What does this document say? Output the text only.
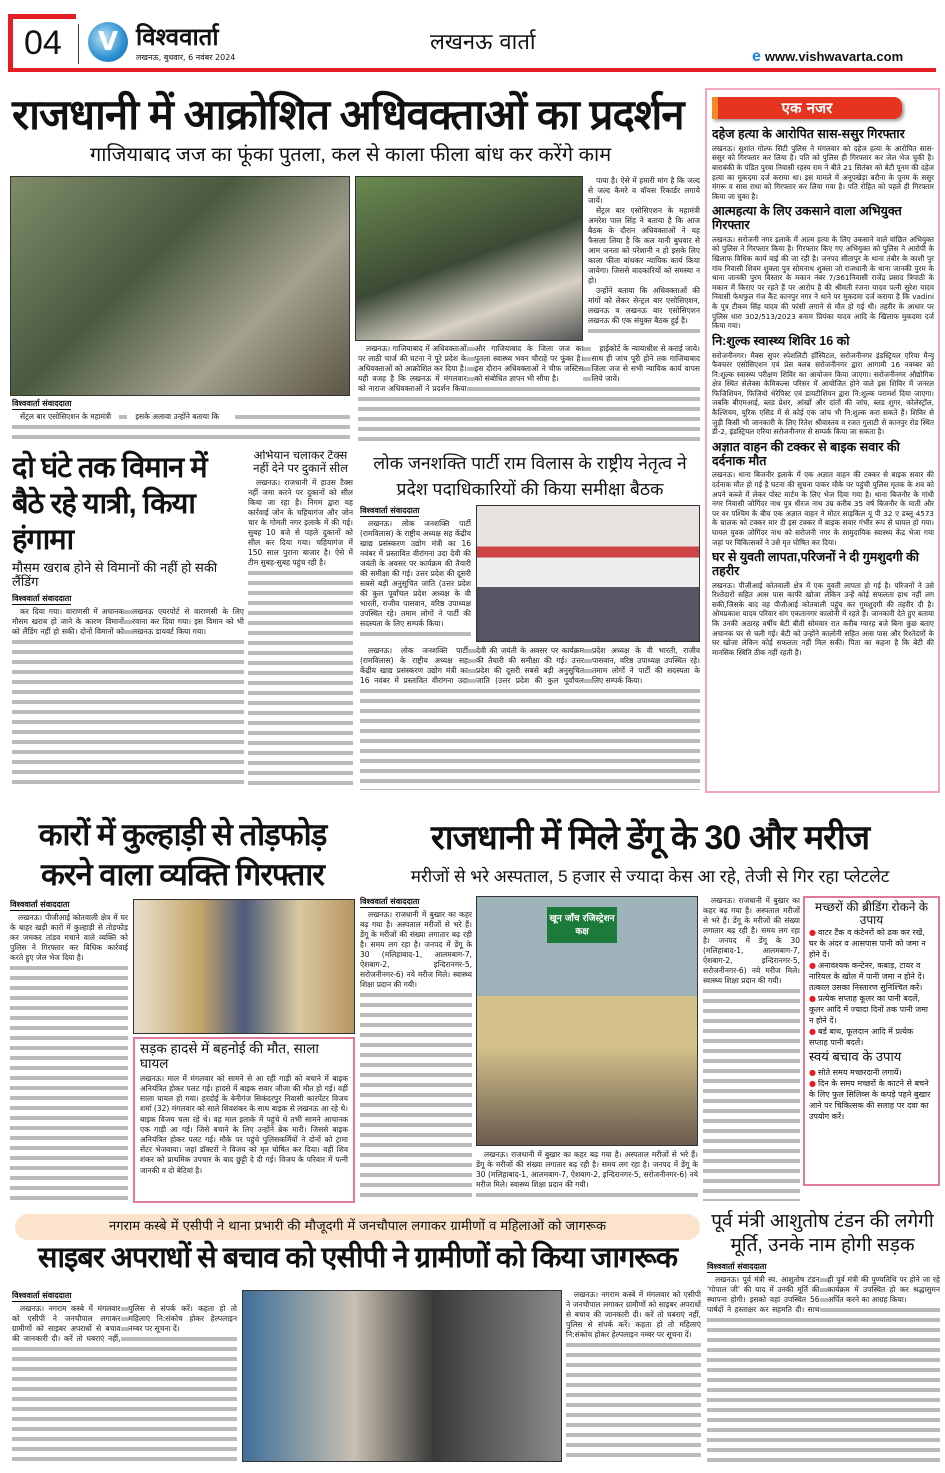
04	V विश्ववार्ता
लखनऊ, बुधवार, 6 नवंबर 2024
लखनऊ वार्ता
e www.vishwavarta.com
राजधानी में आक्रोशित अधिवक्ताओं का प्रदर्शन
गाजियाबाद जज का फूंका पुतला, कल से काला फीला बांध कर करेंगे काम
विश्ववार्ता संवाददाता

सेंट्रल बार एसोसिएशन के महामंत्री	इसके अलावा उन्होंने बताया कि

पाया है। ऐसे में हमारी मांग है कि जल्द से जल्द कैमरे व वॉयस रिकार्डर लगाये जायें।

सेंट्रल बार एसोसिएशन के महामंत्री अमरेश पाल सिंह ने बताया है कि आज बैठक के दौरान अधिवक्ताओं ने यह फैसला लिया है कि कल यानी बुधवार से आम जनता को परेशानी न हो इसके लिए काला फीता बांधकर न्यायिक कार्य किया जायेगा। जिससे वादकारियों को समस्या न हो।

उन्होंने बताया कि अधिवक्ताओं की मांगों को लेकर सेन्ट्रल बार एसोसिएशन, लखनऊ व लखनऊ बार एसोसिएशन लखनऊ की एक संयुक्त बैठक हुई है।

लखनऊ। गाजियाबाद में अधिवक्ताओं पर लाठी चार्ज की घटना ने पूरे प्रदेश के अधिवक्ताओं को आक्रोशित कर दिया है। यही वजह है कि लखनऊ में मंगलवार को नाराज अधिवक्ताओं ने प्रदर्शन किया और गाजियाबाद के जिला जज का पुतला स्वास्थ्य भवन चौराहे पर फूंका है। इस दौरान अधिवक्ताओं ने चीफ जस्टिस को संबोधित ज्ञापन भी सौंपा है।

हाईकोर्ट के न्यायाधीश से कराई जाये। साथ ही जांच पूरी होने तक गाजियाबाद जिला जज से सभी न्यायिक कार्य वापस लिये जायें।

एक नजर
दहेज हत्या के आरोपित सास-ससुर गिरफ्तार
लखनऊ। सुशांत गोल्फ सिटी पुलिस ने मंगलवार को दहेज हत्या के आरोपित सास- ससुर को गिरफ्तार कर लिया है। पति को पुलिस ही गिरफ्तार कर जेल भेज चुकी है। बाराबंकी के पंडित पुरवा निवासी रहस्य राम ने बीते 21 सितंबर को बेटी पूनम की दहेज हत्या का मुकदमा दर्ज कराया था। इस मामले में अनूपखेड़ा बरौना के पूनम के ससुर मंगरू व सास राधा को गिरफ्तार कर लिया गया है। पति रोहित को पहले ही गिरफ्तार किया जा चुका है।
आत्महत्या के लिए उकसाने वाला अभियुक्त गिरफ्तार
लखनऊ। सरोजनी नगर इलाके में आत्म हत्या के लिए उकसाने वाले वांछित अभियुक्त को पुलिस ने गिरफ्तार किया है। गिरफ्तार किए गए अभियुक्त को पुलिस ने आरोपी के खिलाफ विधिक कार्य वाई की जा रही है। जनपद सीतापुर के थाना तंबौर के काशी पुर गांव निवासी शिवम शुक्ला पुत्र सोमनाथ शुक्ला जो राजधानी के थाना जानकी पुरम के थाना जानकी पुरम विस्तार के मकान नंबर 7/361निवासी राजेंद्र प्रसाद त्रिपाठी के मकान में किराए पर रहते हैं पर आरोप है की श्रीमती रंजना यादव पत्नी सुरेश यादव निवासी फेथफुल गंज कैंट कानपुर नगर ने थाने पर मुकदमा दर्ज कराया है कि vadini के पुत्र टीकम सिंह यादव की फांसी लगाने से मौत हो गई थी। तहरीर के आधार पर पुलिस धारा 302/513/2023 बनाम प्रियंका यादव आदि के खिलाफ मुकदमा दर्ज किया गया।
नि:शुल्क स्वास्थ्य शिविर 16 को
सरोजनीनगर। मैक्स सुपर स्पेशलिटी हॉस्पिटल, सरोजनीनगर इंडस्ट्रियल एरिया मैन्यू फैक्चरर एसोसिएशन एवं प्रेस क्लब सरोजनीनगर द्वारा आगामी 16 नवम्बर को नि:शुल्क स्वास्थ्य परीक्षण शिविर का आयोजन किया जाएगा। सरोजनीनगर औद्योगिक क्षेत्र स्थित सेलेक्स केमिकल्स परिसर में आयोजित होने वाले इस शिविर में जनरल फिजिशियन, फिजियो थेरेपिस्ट एवं डायटीशियन द्वारा नि:शुल्क परामर्श दिया जाएगा। जबकि बीएमआई, ब्लड प्रेशर, आंखों और दांतों की जांच, ब्लड शुगर, कोलेस्ट्रॉल, कैल्शियम, यूरिक एसिड में से कोई एक जांच भी नि:शुल्क करा सकते हैं। शिविर से जुड़ी किसी भी जानकारी के लिए रितेश श्रीवास्तव व रजत गुलाटी से कानपुर रोड स्थित डी-2, इंडस्ट्रियल एरिया सरोजनीनगर से सम्पर्क किया जा सकता है।
अज्ञात वाहन की टक्कर से बाइक सवार की दर्दनाक मौत
लखनऊ। थाना बिजनौर इलाके में एक अज्ञात वाहन की टक्कर से बाइक सवार की दर्दनाक मौत हो गई है घटना की सूचना पाकर मौके पर पहुंची पुलिस मृतक के शव को अपने कब्जे में लेकर पोस्ट मार्टम के लिए भेज दिया गया है। थाना बिजनौर के गांधी नगर निवासी जोगिंदर नाथ पुत्र धीरज नाथ उम्र करीब 35 वर्ष बिजनौर के माती और पर वर पश्चिम के बीच एक अज्ञात वाहन ने मोटर साइकिल यू पी 32 ए डब्लू 4573 के चालक को टक्कर मार दी इस टक्कर में बाइक सवार गंभीर रूप से घायल हो गया। घायल युवक जोगिंदर नाथ को सरोजनी नगर के सामुदायिक स्वास्थ्य केंद्र भेजा गया जहां पर चिकित्सकों ने उसे मृत घोषित कर दिया।
घर से युवती लापता,परिजनों ने दी गुमशुदगी की तहरीर
लखनऊ। पीजीआई कोतवाली क्षेत्र में एक युवती लापता हो गई है। परिजनों ने उसे रिश्तेदारों सहित आस पास काफी खोजा लेकिन उन्हें कोई सफलता हाथ नहीं लग सकी,जिसके बाद वह पीजीआई कोतवाली पहुंच कर गुमशुदगी की तहरीर दी है। ओमप्रकाश यादव परिवार संग एकतानगर कालोनी में रहते हैं। जानकारी देते हुए बताया कि उनकी अठारह वर्षीय बेटी बीती सोमवार रात करीब ग्यारह बजे बिना कुछ बताए अचानक घर से चली गई। बेटी को उन्होंने कालोनी सहित आस पास और रिश्तेदारों के घर खोजा लेकिन कोई सफलता नहीं मिल सकी। पिता का कहना है कि बेटी की मानसिक स्थिति ठीक नहीं रहती है।
दो घंटे तक विमान में बैठे रहे यात्री, किया हंगामा
मौसम खराब होने से विमानों की नहीं हो सकी लैंडिंग
विश्ववार्ता संवाददाता

कर दिया गया। वाराणसी में अचानक मौसम खराब हो जाने के कारण विमानों को लैंडिंग नहीं हो सकी। दोनों विमानों को लखनऊ एयरपोर्ट से वाराणसी के लिए रवाना कर दिया गया। इस विमान को भी लखनऊ डायवर्ट किया गया।

अभियान चलाकर टैक्स नहीं देने पर दुकानें सील

लखनऊ। राजधानी में हाउस टैक्स नहीं जमा करने पर दुकानों को सील किया जा रहा है। निगम द्वारा यह कार्रवाई जोन के चहियागंज और जोन चार के गोमती नगर इलाके में की गई। सुबह 10 बजे से पहले दुकानों को सील कर दिया गया। चहियागंज में 150 साल पुराना बाजार है। ऐसे में टीम सुबह-सुबह पहुंच रही है।

लोक जनशक्ति पार्टी राम विलास के राष्ट्रीय नेतृत्व ने प्रदेश पदाधिकारियों की किया समीक्षा बैठक
विश्ववार्ता संवाददाता

लखनऊ। लोक जनशक्ति पार्टी (रामविलास) के राष्ट्रीय अध्यक्ष सह केंद्रीय खाद्य प्रसंस्करण उद्योग मंत्री का 16 नवंबर में प्रस्तावित वीरांगना उदा देवी की जयंती के अवसर पर कार्यक्रम की तैयारी की समीक्षा की गई। उत्तर प्रदेश की दूसरी सबसे बड़ी अनुसूचित जाति (उत्तर प्रदेश की कुल पूर्वांचल प्रदेश अध्यक्ष के वी भारती, राजीव पासवान, वरिष्ठ उपाध्यक्ष उपस्थित रहे। तमाम लोगों ने पार्टी की सदस्यता के लिए सम्पर्क किया।

लखनऊ। लोक जनशक्ति पार्टी (रामविलास) के राष्ट्रीय अध्यक्ष सह केंद्रीय खाद्य प्रसंस्करण उद्योग मंत्री का 16 नवंबर में प्रस्तावित वीरांगना उदा देवी की जयंती के अवसर पर कार्यक्रम की तैयारी की समीक्षा की गई। उत्तर प्रदेश की दूसरी सबसे बड़ी अनुसूचित जाति (उत्तर प्रदेश की कुल पूर्वांचल प्रदेश अध्यक्ष के वी भारती, राजीव पासवान, वरिष्ठ उपाध्यक्ष उपस्थित रहे। तमाम लोगों ने पार्टी की सदस्यता के लिए सम्पर्क किया।

कारों में कुल्हाड़ी से तोड़फोड़ करने वाला व्यक्ति गिरफ्तार
विश्ववार्ता संवाददाता

लखनऊ। पीजीआई कोतवाली क्षेत्र में घर के बाहर खड़ी कारों में कुल्हाड़ी से तोड़फोड़ कर जमकर तांडव मचाने वाले व्यक्ति को पुलिस ने गिरफ्तार कर विधिक कार्रवाई करते हुए जेल भेज दिया है।

सड़क हादसे में बहनोई की मौत, साला घायल
लखनऊ। माल में मंगलवार को सामने से आ रही गाड़ी को बचाने में बाइक अनियंत्रित होकर पलट गई। हादसे में बाइक सवार जीजा की मौत हो गई। वहीं साला घायल हो गया। हरदोई के बेनीगंज सिकंदरपुर निवासी कारपेंटर विजय शर्मा (32) मंगलवार को साले शिवशंकर के साथ बाइक से लखनऊ आ रहे थे। बाइक विजय चला रहे थे। वह माल इलाके में पहुंचे थे तभी सामने आचानक एक गाड़ी आ गई। जिसे बचाने के लिए उन्होंने ब्रेक मारी। जिससे बाइक अनियंत्रित होकर पलट गई। मौके पर पहुंचे पुलिसकर्मियों ने दोनों को ट्रामा सेंटर भेजवाया। जहां डॉक्टरों ने विजय को मृत घोषित कर दिया। वहीं शिव शंकर को प्राथमिक उपचार के बाद छुट्टी दे दी गई। विजय के परिवार में पत्नी जानकी व दो बेटियां है।
राजधानी में मिले डेंगू के 30 और मरीज
मरीजों से भरे अस्पताल, 5 हजार से ज्यादा केस आ रहे, तेजी से गिर रहा प्लेटलेट
विश्ववार्ता संवाददाता

लखनऊ। राजधानी में बुखार का कहर बढ़ गया है। अस्पताल मरीजों से भरे हैं। डेंगू के मरीजों की संख्या लगातार बढ़ रही है। समय लग रहा है। जनपद में डेंगू के 30 (मलिहाबाद-1, आलमबाग-7, ऐशबाग-2, इन्दिरानगर-5, सरोजनीनगर-6) नये मरीज मिले। स्वास्थ्य शिक्षा प्रदान की गयी।

खून जाँच रजिस्ट्रेशन कक्ष

लखनऊ। राजधानी में बुखार का कहर बढ़ गया है। अस्पताल मरीजों से भरे हैं। डेंगू के मरीजों की संख्या लगातार बढ़ रही है। समय लग रहा है। जनपद में डेंगू के 30 (मलिहाबाद-1, आलमबाग-7, ऐशबाग-2, इन्दिरानगर-5, सरोजनीनगर-6) नये मरीज मिले। स्वास्थ्य शिक्षा प्रदान की गयी।

लखनऊ। राजधानी में बुखार का कहर बढ़ गया है। अस्पताल मरीजों से भरे हैं। डेंगू के मरीजों की संख्या लगातार बढ़ रही है। समय लग रहा है। जनपद में डेंगू के 30 (मलिहाबाद-1, आलमबाग-7, ऐशबाग-2, इन्दिरानगर-5, सरोजनीनगर-6) नये मरीज मिले। स्वास्थ्य शिक्षा प्रदान की गयी।

मच्छरों की ब्रीडिंग रोकने के उपाय
● वाटर टैंक व कंटेनरों को ढक कर रखें, घर के अंदर व आसपास पानी को जमा न होने दें।
● अनावश्यक कन्टेनर, कबाड़, टायर व नारियल के खोल में पानी जमा न होने दें। तत्काल उसका निस्तारण सुनिश्चित करें।
● प्रत्येक सप्ताह कूलर का पानी बदलें, कूलर आदि में ज्यादा दिनों तक पानी जमा न होने दें।
● बर्ड बाथ, फूलदान आदि में प्रत्येक सप्ताह पानी बदलें।
स्वयं बचाव के उपाय
● सोते समय मच्छरदानी लगायें।
● दिन के समय मच्छरों के काटने से बचने के लिए फुल सिलिव्स के कपड़े पहने बुखार आने पर चिकित्सक की सलाह पर दवा का उपयोग करें।
नगराम कस्बे में एसीपी ने थाना प्रभारी की मौजूदगी में जनचौपाल लगाकर ग्रामीणों व महिलाओं को जागरूक
साइबर अपराधों से बचाव को एसीपी ने ग्रामीणों को किया जागरूक
विश्ववार्ता संवाददाता

लखनऊ। नगराम कस्बे में मंगलवार को एसीपी ने जनचौपाल लगाकर ग्रामीणों को साइबर अपराधों से बचाव की जानकारी दी। करें तो घबराएं नहीं, पुलिस से संपर्क करें। कहता हो तो महिलाएं नि:संकोच होकर हेल्पलाइन नम्बर पर सूचना दें।

लखनऊ। नगराम कस्बे में मंगलवार को एसीपी ने जनचौपाल लगाकर ग्रामीणों को साइबर अपराधों से बचाव की जानकारी दी। करें तो घबराएं नहीं, पुलिस से संपर्क करें। कहता हो तो महिलाएं नि:संकोच होकर हेल्पलाइन नम्बर पर सूचना दें।

पूर्व मंत्री आशुतोष टंडन की लगेगी मूर्ति, उनके नाम होगी सड़क
विश्ववार्ता संवाददाता

लखनऊ। पूर्व मंत्री स्व. आशुतोष टंडन 'गोपाल जी' की याद में उनकी मूर्ति की स्थापना होगी। इसको वहां उपस्थित 56 पार्षदों ने हस्ताक्षर कर सहमति दी। साथ ही पूर्व मंत्री की पुण्यतिथि पर होने जा रहे कार्यक्रम में उपस्थित हो कर श्रद्धासुमन अर्पित करने का आग्रह किया।
